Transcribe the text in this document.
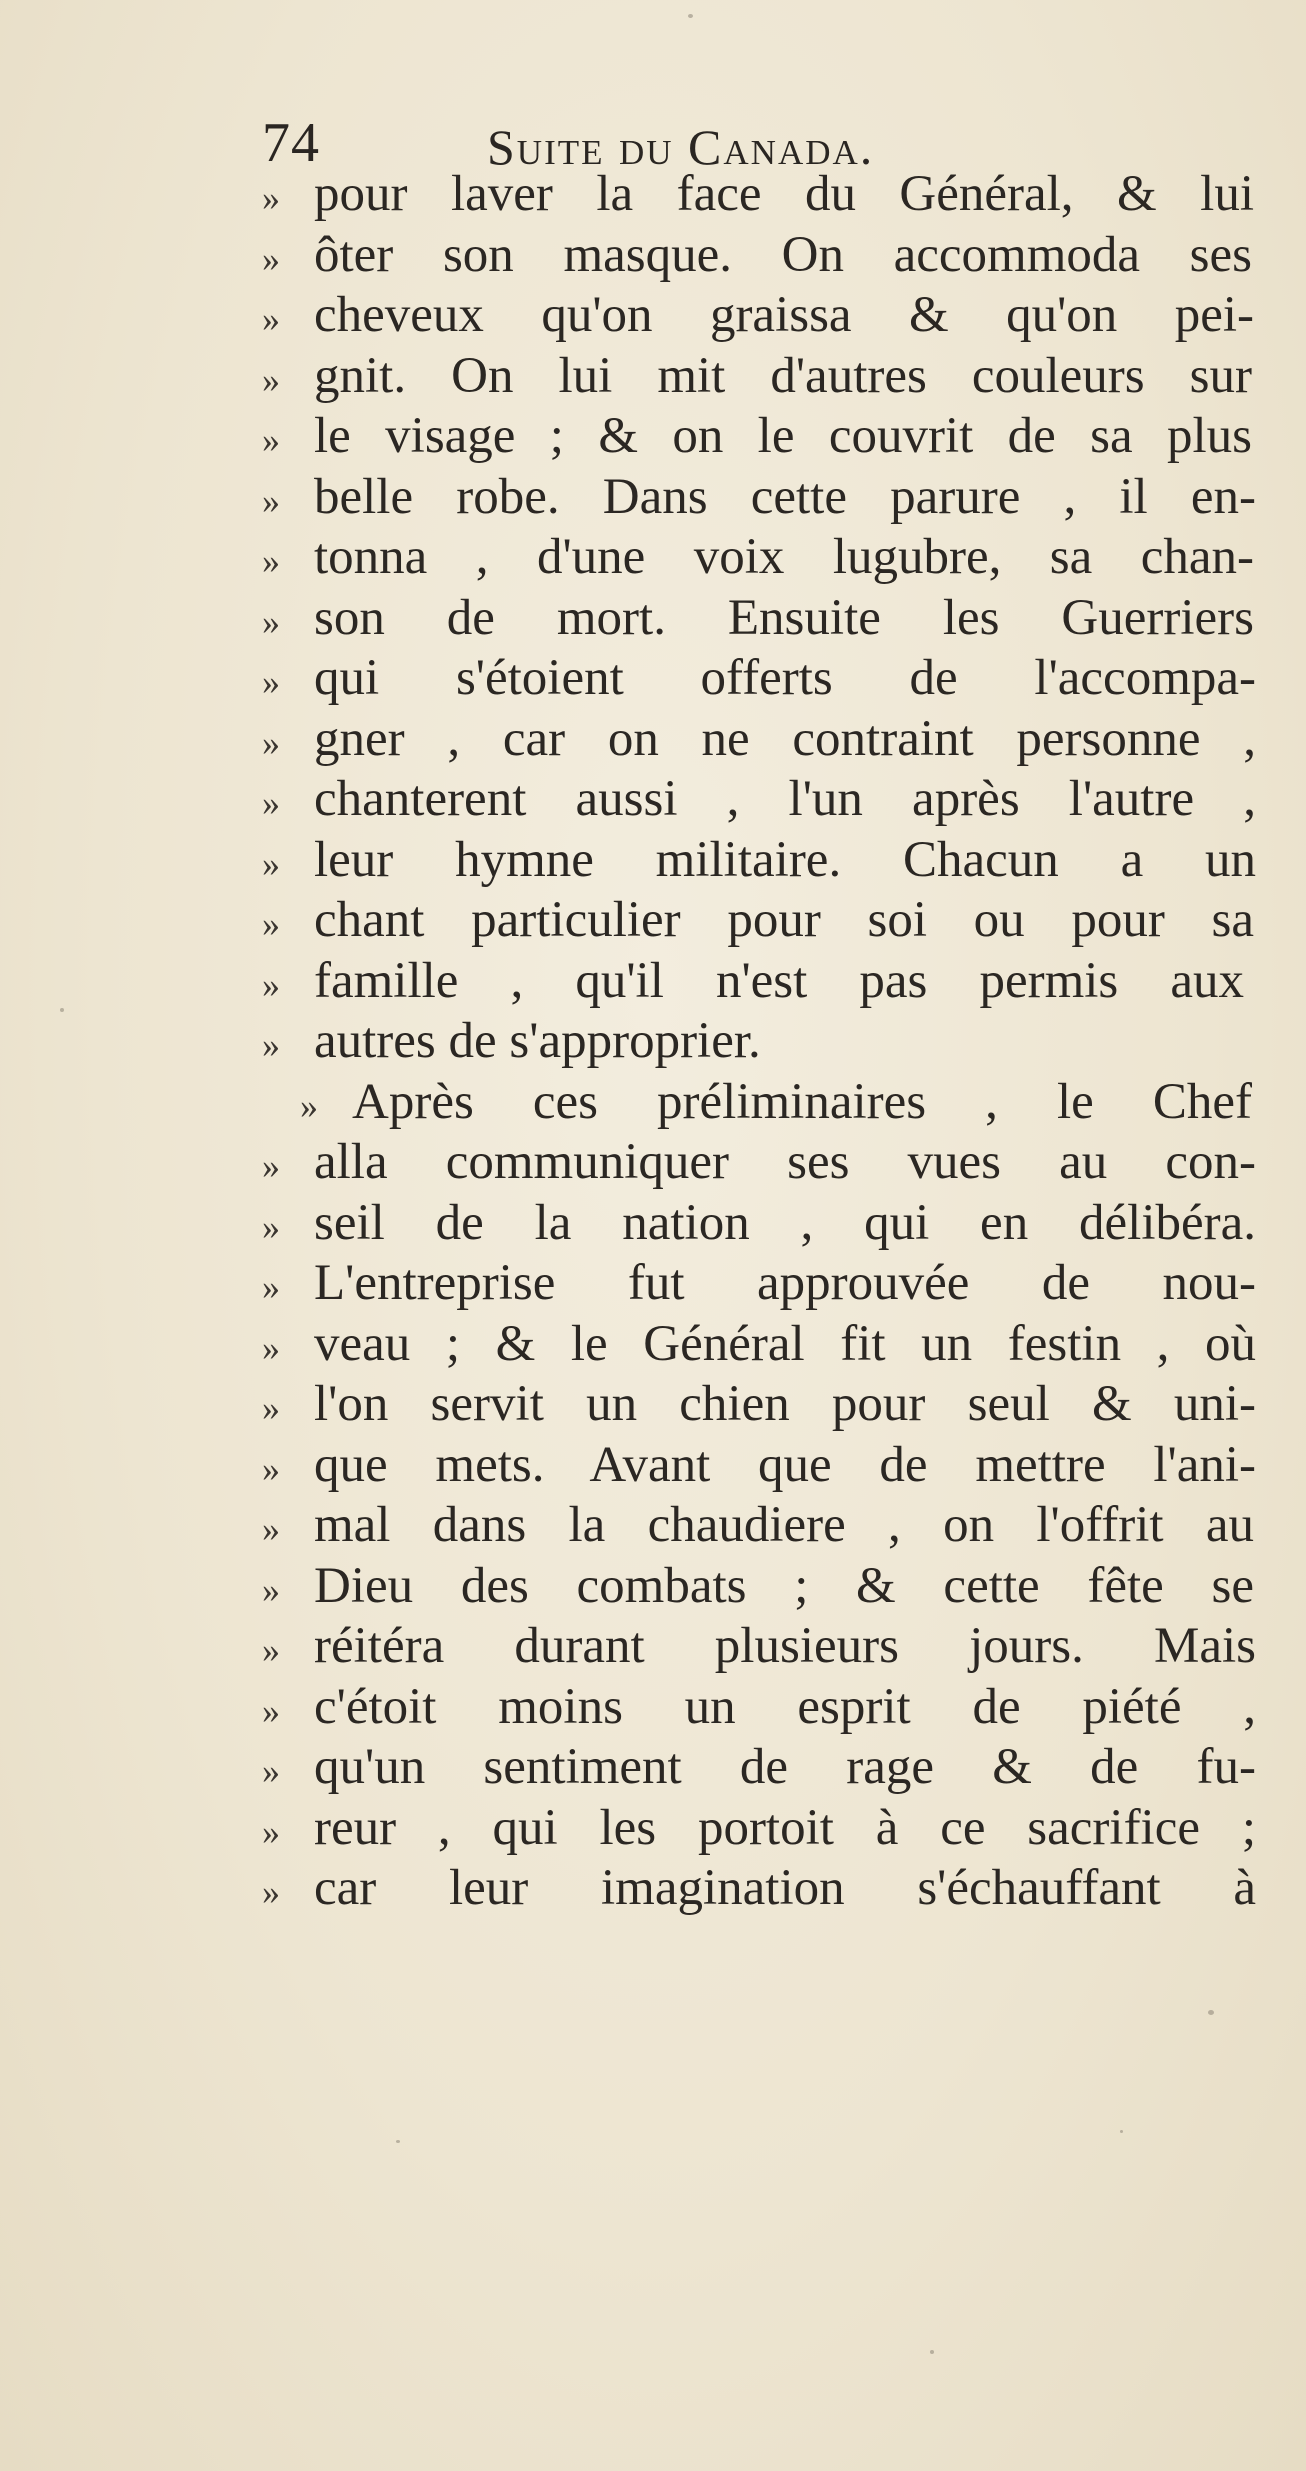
74	Suite du Canada.
» pour laver la face du Général, & lui
» ôter son masque. On accommoda ses
» cheveux qu'on graissa & qu'on pei-
» gnit. On lui mit d'autres couleurs sur
» le visage ; & on le couvrit de sa plus
» belle robe. Dans cette parure , il en-
» tonna , d'une voix lugubre, sa chan-
» son de mort. Ensuite les Guerriers
» qui s'étoient offerts de l'accompa-
» gner , car on ne contraint personne ,
» chanterent aussi , l'un après l'autre ,
» leur hymne militaire. Chacun a un
» chant particulier pour soi ou pour sa
» famille , qu'il n'est pas permis aux
» autres de s'approprier.
» Après ces préliminaires , le Chef
» alla communiquer ses vues au con-
» seil de la nation , qui en délibéra.
» L'entreprise fut approuvée de nou-
» veau ; & le Général fit un festin , où
» l'on servit un chien pour seul & uni-
» que mets. Avant que de mettre l'ani-
» mal dans la chaudiere , on l'offrit au
» Dieu des combats ; & cette fête se
» réitéra durant plusieurs jours. Mais
» c'étoit moins un esprit de piété ,
» qu'un sentiment de rage & de fu-
» reur , qui les portoit à ce sacrifice ;
» car leur imagination s'échauffant à
